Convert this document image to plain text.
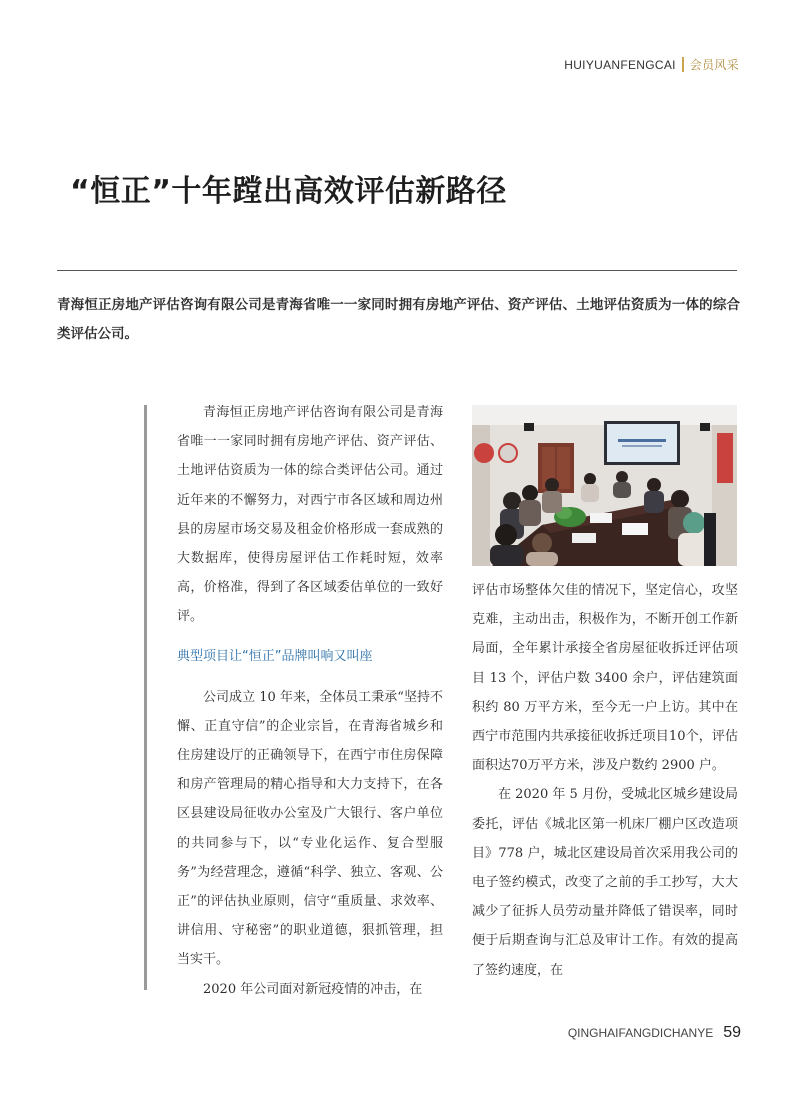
HUIYUANFENGCAI 会员风采
“恒正”十年蹚出高效评估新路径

青海恒正房地产评估咨询有限公司是青海省唯一一家同时拥有房地产评估、资产评估、土地评估资质为一体的综合类评估公司。

青海恒正房地产评估咨询有限公司是青海省唯一一家同时拥有房地产评估、资产评估、土地评估资质为一体的综合类评估公司。通过近年来的不懈努力，对西宁市各区域和周边州县的房屋市场交易及租金价格形成一套成熟的大数据库，使得房屋评估工作耗时短，效率高，价格准，得到了各区域委估单位的一致好评。

典型项目让“恒正”品牌叫响又叫座

公司成立 10 年来，全体员工秉承“坚持不懈、正直守信”的企业宗旨，在青海省城乡和住房建设厅的正确领导下，在西宁市住房保障和房产管理局的精心指导和大力支持下，在各区县建设局征收办公室及广大银行、客户单位的共同参与下，以“专业化运作、复合型服务”为经营理念，遵循“科学、独立、客观、公正”的评估执业原则，信守“重质量、求效率、讲信用、守秘密”的职业道德，狠抓管理，担当实干。

2020 年公司面对新冠疫情的冲击，在

评估市场整体欠佳的情况下，坚定信心，攻坚克难，主动出击，积极作为，不断开创工作新局面，全年累计承接全省房屋征收拆迁评估项目 13 个，评估户数 3400 余户，评估建筑面积约 80 万平方米，至今无一户上访。其中在西宁市范围内共承接征收拆迁项目10个，评估面积达70万平方米，涉及户数约 2900 户。

在 2020 年 5 月份，受城北区城乡建设局委托，评估《城北区第一机床厂棚户区改造项目》778 户，城北区建设局首次采用我公司的电子签约模式，改变了之前的手工抄写，大大减少了征拆人员劳动量并降低了错误率，同时便于后期查询与汇总及审计工作。有效的提高了签约速度，在

QINGHAIFANGDICHANYE 59
